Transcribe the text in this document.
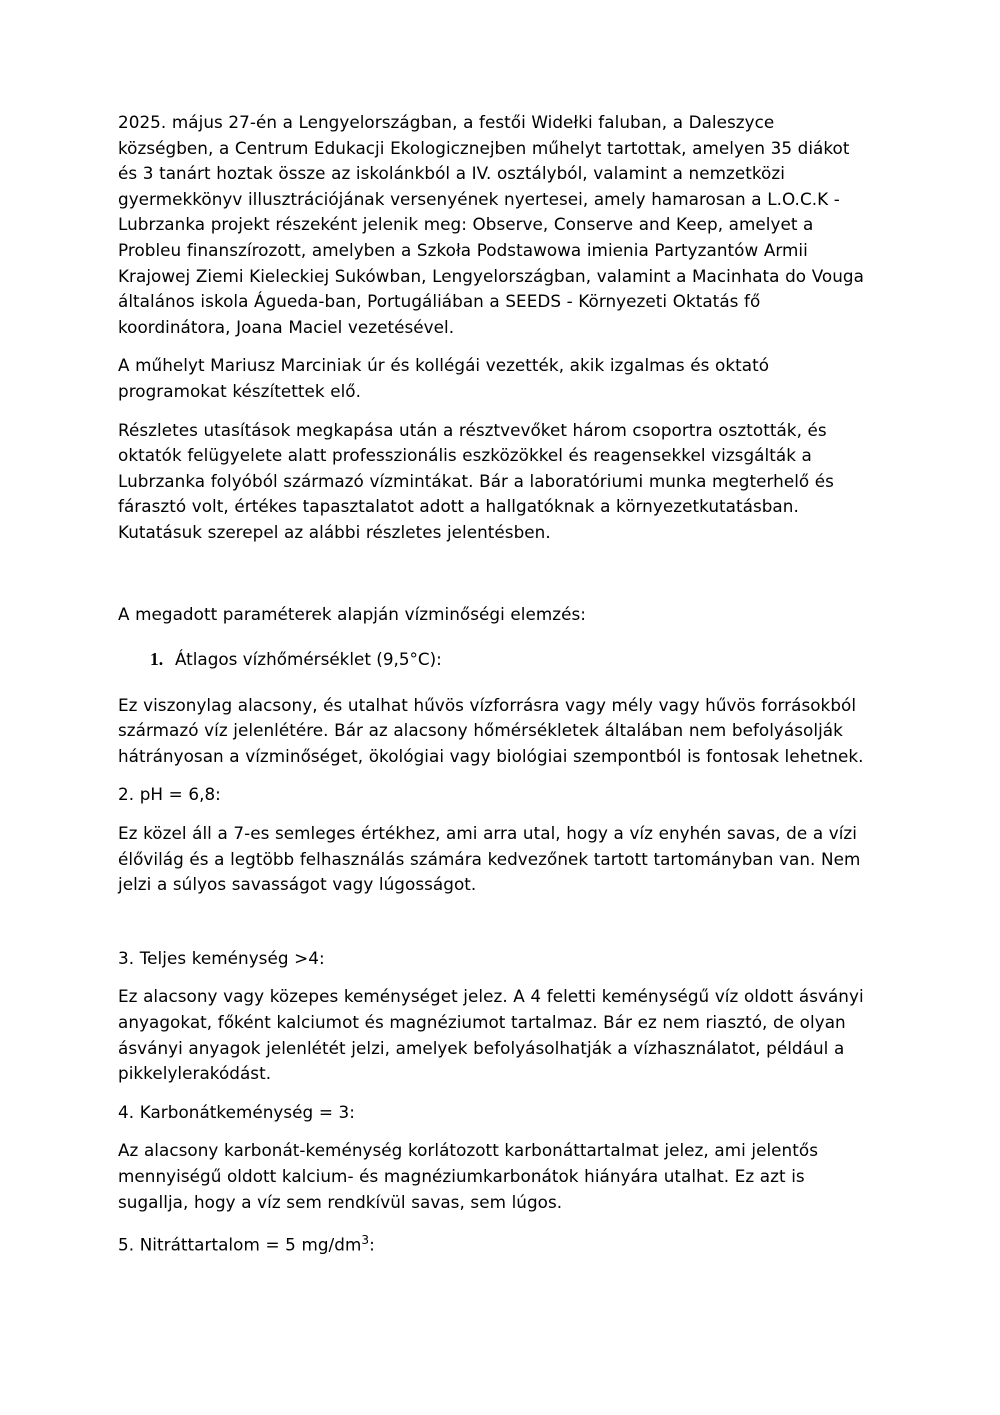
2025. május 27-én a Lengyelországban, a festői Widełki faluban, a Daleszyce községben, a Centrum Edukacji Ekologicznejben műhelyt tartottak, amelyen 35 diákot és 3 tanárt hoztak össze az iskolánkból a IV. osztályból, valamint a nemzetközi gyermekkönyv illusztrációjának versenyének nyertesei, amely hamarosan a L.O.C.K - Lubrzanka projekt részeként jelenik meg: Observe, Conserve and Keep, amelyet a Probleu finanszírozott, amelyben a Szkoła Podstawowa imienia Partyzantów Armii Krajowej Ziemi Kieleckiej Sukówban, Lengyelországban, valamint a Macinhata do Vouga általános iskola Águeda-ban, Portugáliában a SEEDS - Környezeti Oktatás fő koordinátora, Joana Maciel vezetésével.

A műhelyt Mariusz Marciniak úr és kollégái vezették, akik izgalmas és oktató programokat készítettek elő.

Részletes utasítások megkapása után a résztvevőket három csoportra osztották, és oktatók felügyelete alatt professzionális eszközökkel és reagensekkel vizsgálták a Lubrzanka folyóból származó vízmintákat. Bár a laboratóriumi munka megterhelő és fárasztó volt, értékes tapasztalatot adott a hallgatóknak a környezetkutatásban. Kutatásuk szerepel az alábbi részletes jelentésben.

A megadott paraméterek alapján vízminőségi elemzés:

1. Átlagos vízhőmérséklet (9,5°C):

Ez viszonylag alacsony, és utalhat hűvös vízforrásra vagy mély vagy hűvös forrásokból származó víz jelenlétére. Bár az alacsony hőmérsékletek általában nem befolyásolják hátrányosan a vízminőséget, ökológiai vagy biológiai szempontból is fontosak lehetnek.

2. pH = 6,8:

Ez közel áll a 7-es semleges értékhez, ami arra utal, hogy a víz enyhén savas, de a vízi élővilág és a legtöbb felhasználás számára kedvezőnek tartott tartományban van. Nem jelzi a súlyos savasságot vagy lúgosságot.

3. Teljes keménység >4:

Ez alacsony vagy közepes keménységet jelez. A 4 feletti keménységű víz oldott ásványi anyagokat, főként kalciumot és magnéziumot tartalmaz. Bár ez nem riasztó, de olyan ásványi anyagok jelenlétét jelzi, amelyek befolyásolhatják a vízhasználatot, például a pikkelylerakódást.

4. Karbonátkeménység = 3:

Az alacsony karbonát-keménység korlátozott karbonáttartalmat jelez, ami jelentős mennyiségű oldott kalcium- és magnéziumkarbonátok hiányára utalhat. Ez azt is sugallja, hogy a víz sem rendkívül savas, sem lúgos.

5. Nitráttartalom = 5 $mg/dm^3$:
